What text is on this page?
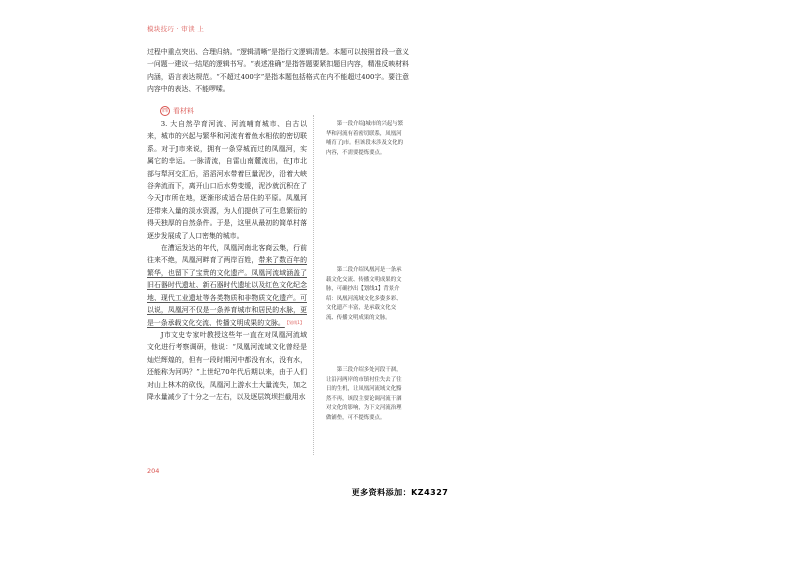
模块技巧 · 审读 上
过程中重点突出、合理归纳。“逻辑清晰”是指行文逻辑清楚。本题可以按照首段一意义一问题一建议一结尾的逻辑书写。“表述准确”是指答题要紧扣题目内容，精准反映材料内涵，语言表达规范。“不超过400字”是指本题包括格式在内不能超过400字。要注意内容中的表达、不能啰嗦。
㈣ 看材料

3. 大自然孕育河流、河流哺育城市、自古以来，城市的兴起与繁华和河流有着鱼水相依的密切联系。对于J市来说，拥有一条穿城而过的凤凰河，实属它的幸运。一脉清流，自雷山南麓流出，在J市北部与犁河交汇后，滔滔河水带着巨量泥沙，沿着大峡谷奔流而下，离开山口后水势变缓，泥沙就沉积在了今天J市所在地，逐渐形成适合居住的平原。凤凰河还带来入量的淡水资源，为人们提供了可生息繁衍的得天独厚的自然条件。于是，这里从最初的简单村落逐步发展成了人口密集的城市。

在漕运发达的年代，凤凰河南北客商云集，行前往来不绝，凤凰河畔育了两岸百姓，带来了数百年的繁华，也留下了宝贵的文化遗产。凤凰河流域涵盖了旧石器时代遗址、新石器时代遗址以及红色文化纪念地、现代工业遗址等各类物质和非物质文化遗产。可以说，凤凰河不仅是一条养育城市和居民的水脉，更是一条承载文化交流、传播文明成果的文脉。 【划线1】

J市文史专家叶教授这些年一直在对凤凰河流域文化进行考察调研，他说：“凤凰河流域文化曾经是灿烂辉煌的，但有一段时期河中都没有水，没有水，还能称为河吗？”上世纪70年代后期以来，由于人们对山上林木的砍伐，凤凰河上游水土大量流失，加之降水量减少了十分之一左右，以及逐层筑坝拦截用水

第一段介绍J城市的兴起与繁华和河流有着密切联系，凤凰河哺育了J市。但该段未涉及文化的内容，不需要提炼要点。

第二段介绍凤凰河是一条承载文化交流、传播文明成果的文脉，可确抄出【划线1】背景介绍：凤凰河流域文化多姿多彩、文化遗产丰富，是承载文化交流、传播文明成果的文脉。

第三段介绍多处河段干涸，让沿河两岸的市镇衬住失去了往日的生机，让凤凰河流域文化黯然不再，该段主要论调河流干涸对文化的影响，为下文河流治理做铺垫，可不提炼要点。

204
更多资料添加：KZ4327
